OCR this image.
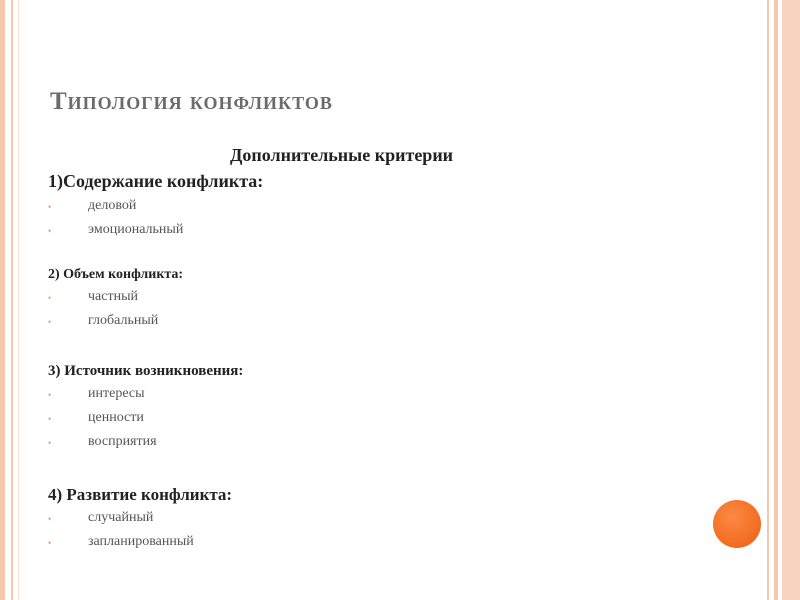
Типология конфликтов
Дополнительные критерии
1)Содержание конфликта:
•	деловой
•	эмоциональный
2) Объем конфликта:
•	частный
•	глобальный
3) Источник возникновения:
•	интересы
•	ценности
•	восприятия
4) Развитие конфликта:
•	случайный
•	запланированный
